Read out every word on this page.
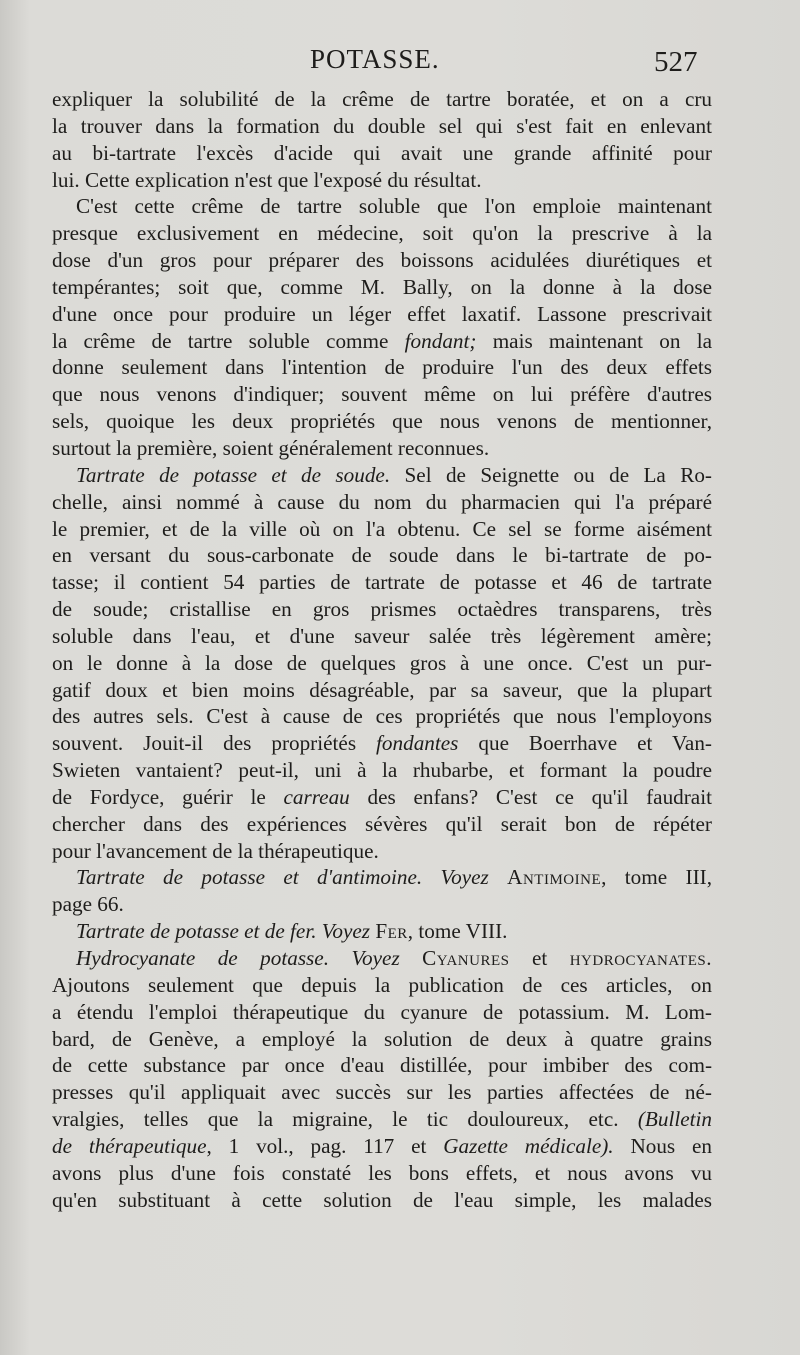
POTASSE.	527
expliquer la solubilité de la crême de tartre boratée, et on a cru
la trouver dans la formation du double sel qui s'est fait en enlevant
au bi-tartrate l'excès d'acide qui avait une grande affinité pour
lui. Cette explication n'est que l'exposé du résultat.
C'est cette crême de tartre soluble que l'on emploie maintenant
presque exclusivement en médecine, soit qu'on la prescrive à la
dose d'un gros pour préparer des boissons acidulées diurétiques et
tempérantes; soit que, comme M. Bally, on la donne à la dose
d'une once pour produire un léger effet laxatif. Lassone prescrivait
la crême de tartre soluble comme fondant; mais maintenant on la
donne seulement dans l'intention de produire l'un des deux effets
que nous venons d'indiquer; souvent même on lui préfère d'autres
sels, quoique les deux propriétés que nous venons de mentionner,
surtout la première, soient généralement reconnues.
Tartrate de potasse et de soude. Sel de Seignette ou de La Ro-
chelle, ainsi nommé à cause du nom du pharmacien qui l'a préparé
le premier, et de la ville où on l'a obtenu. Ce sel se forme aisément
en versant du sous-carbonate de soude dans le bi-tartrate de po-
tasse; il contient 54 parties de tartrate de potasse et 46 de tartrate
de soude; cristallise en gros prismes octaèdres transparens, très
soluble dans l'eau, et d'une saveur salée très légèrement amère;
on le donne à la dose de quelques gros à une once. C'est un pur-
gatif doux et bien moins désagréable, par sa saveur, que la plupart
des autres sels. C'est à cause de ces propriétés que nous l'employons
souvent. Jouit-il des propriétés fondantes que Boerrhave et Van-
Swieten vantaient? peut-il, uni à la rhubarbe, et formant la poudre
de Fordyce, guérir le carreau des enfans? C'est ce qu'il faudrait
chercher dans des expériences sévères qu'il serait bon de répéter
pour l'avancement de la thérapeutique.
Tartrate de potasse et d'antimoine. Voyez Antimoine, tome III,
page 66.
Tartrate de potasse et de fer. Voyez Fer, tome VIII.
Hydrocyanate de potasse. Voyez Cyanures et hydrocyanates.
Ajoutons seulement que depuis la publication de ces articles, on
a étendu l'emploi thérapeutique du cyanure de potassium. M. Lom-
bard, de Genève, a employé la solution de deux à quatre grains
de cette substance par once d'eau distillée, pour imbiber des com-
presses qu'il appliquait avec succès sur les parties affectées de né-
vralgies, telles que la migraine, le tic douloureux, etc. (Bulletin
de thérapeutique, 1 vol., pag. 117 et Gazette médicale). Nous en
avons plus d'une fois constaté les bons effets, et nous avons vu
qu'en substituant à cette solution de l'eau simple, les malades
